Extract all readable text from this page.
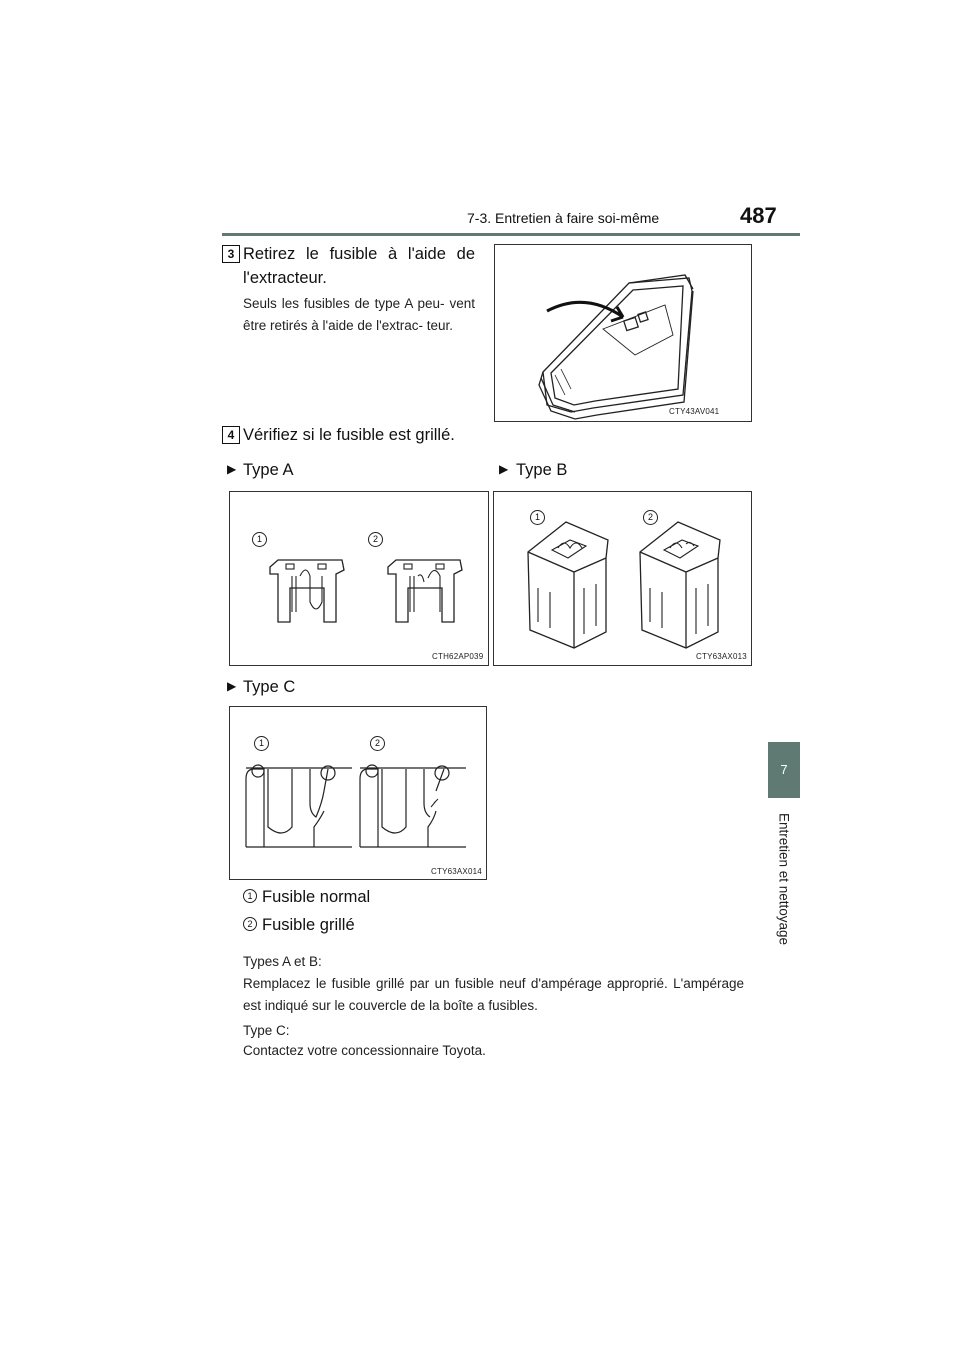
7-3. Entretien à faire soi-même	487
7
Entretien et nettoyage
3 Retirez le fusible à l'aide de l'extracteur.
Seuls les fusibles de type A peu- vent être retirés à l'aide de l'extrac- teur.
CTY43AV041
4 Vérifiez si le fusible est grillé.
▶ Type A	▶ Type B
1	2
CTH62AP039
1	2
CTY63AX013
▶ Type C
1	2
CTY63AX014
1 Fusible normal
2 Fusible grillé
Types A et B:
Remplacez le fusible grillé par un fusible neuf d'ampérage approprié. L'ampérage est indiqué sur le couvercle de la boîte a fusibles.
Type C:
Contactez votre concessionnaire Toyota.
